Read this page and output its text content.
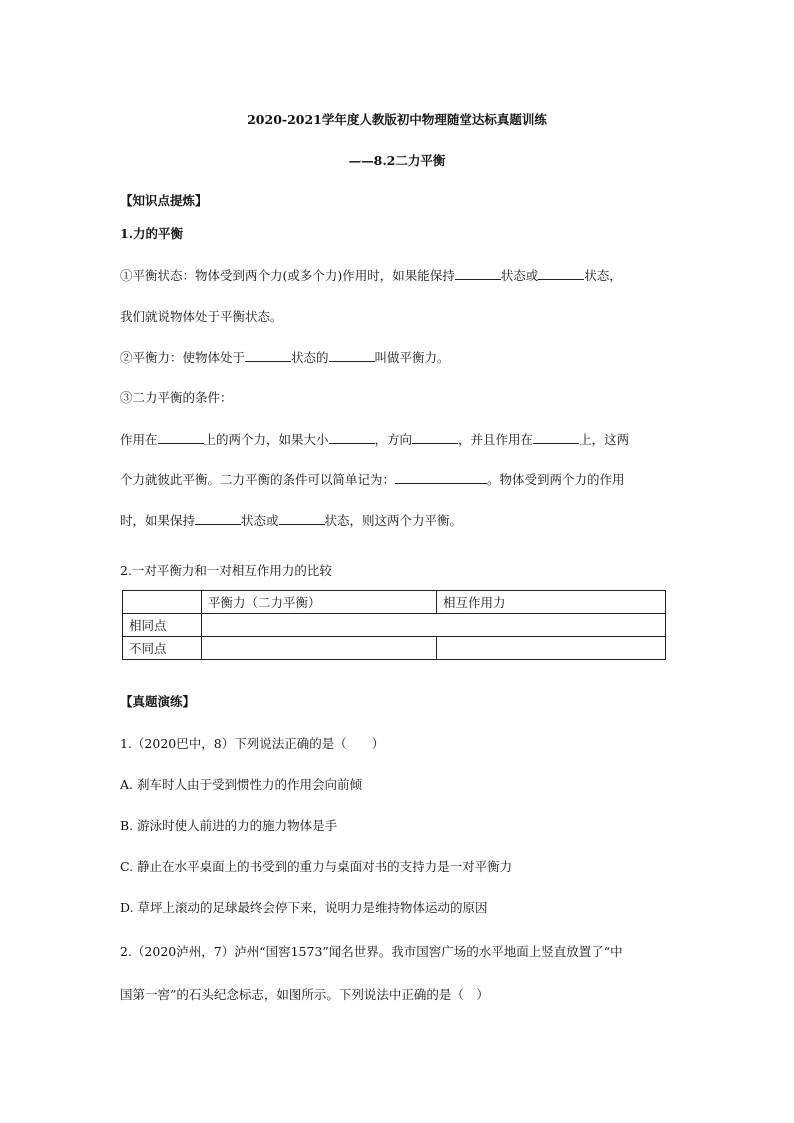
2020-2021学年度人教版初中物理随堂达标真题训练
——8.2二力平衡
【知识点提炼】
1.力的平衡
①平衡状态：物体受到两个力(或多个力)作用时，如果能保持	状态或	状态，
我们就说物体处于平衡状态。
②平衡力：使物体处于	状态的	叫做平衡力。
③二力平衡的条件：
作用在	上的两个力，如果大小	，方向	，并且作用在	上，这两
个力就彼此平衡。二力平衡的条件可以简单记为：	。物体受到两个力的作用
时，如果保持	状态或	状态，则这两个力平衡。
2.一对平衡力和一对相互作用力的比较
	平衡力（二力平衡）	相互作用力
相同点		
不同点		
【真题演练】
1.（2020巴中，8）下列说法正确的是（　　）
A. 刹车时人由于受到惯性力的作用会向前倾
B. 游泳时使人前进的力的施力物体是手
C. 静止在水平桌面上的书受到的重力与桌面对书的支持力是一对平衡力
D. 草坪上滚动的足球最终会停下来，说明力是维持物体运动的原因
2.（2020泸州，7）泸州“国窖1573”闻名世界。我市国窖广场的水平地面上竖直放置了“中
国第一窖”的石头纪念标志，如图所示。下列说法中正确的是（　）
